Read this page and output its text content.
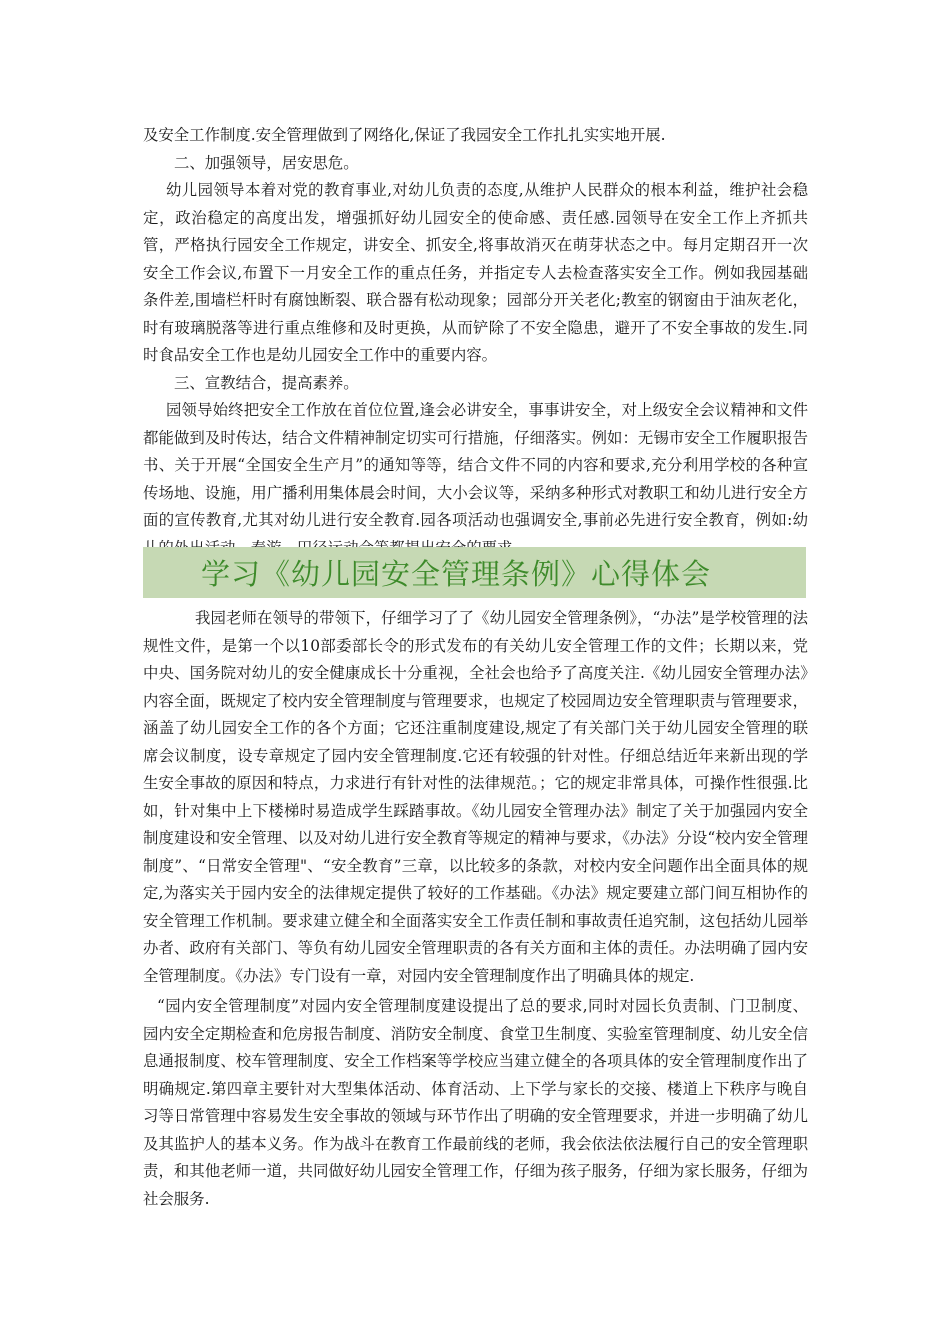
及安全工作制度.安全管理做到了网络化,保证了我园安全工作扎扎实实地开展.

二、加强领导，居安思危。

幼儿园领导本着对党的教育事业,对幼儿负责的态度,从维护人民群众的根本利益，维护社会稳定，政治稳定的高度出发，增强抓好幼儿园安全的使命感、责任感.园领导在安全工作上齐抓共管，严格执行园安全工作规定，讲安全、抓安全,将事故消灭在萌芽状态之中。每月定期召开一次安全工作会议,布置下一月安全工作的重点任务，并指定专人去检查落实安全工作。例如我园基础条件差,围墙栏杆时有腐蚀断裂、联合器有松动现象；园部分开关老化;教室的钢窗由于油灰老化，时有玻璃脱落等进行重点维修和及时更换，从而铲除了不安全隐患，避开了不安全事故的发生.同时食品安全工作也是幼儿园安全工作中的重要内容。

三、宣教结合，提高素养。

园领导始终把安全工作放在首位位置,逢会必讲安全，事事讲安全，对上级安全会议精神和文件都能做到及时传达，结合文件精神制定切实可行措施，仔细落实。例如：无锡市安全工作履职报告书、关于开展“全国安全生产月”的通知等等，结合文件不同的内容和要求,充分利用学校的各种宣传场地、设施，用广播利用集体晨会时间，大小会议等，采纳多种形式对教职工和幼儿进行安全方面的宣传教育,尤其对幼儿进行安全教育.园各项活动也强调安全,事前必先进行安全教育，例如:幼

学习《幼儿园安全管理条例》心得体会

我园老师在领导的带领下，仔细学习了了《幼儿园安全管理条例》，“办法”是学校管理的法规性文件，是第一个以10部委部长令的形式发布的有关幼儿安全管理工作的文件；长期以来，党中央、国务院对幼儿的安全健康成长十分重视，全社会也给予了高度关注.《幼儿园安全管理办法》内容全面，既规定了校内安全管理制度与管理要求，也规定了校园周边安全管理职责与管理要求，涵盖了幼儿园安全工作的各个方面；它还注重制度建设,规定了有关部门关于幼儿园安全管理的联席会议制度，设专章规定了园内安全管理制度.它还有较强的针对性。仔细总结近年来新出现的学生安全事故的原因和特点，力求进行有针对性的法律规范。；它的规定非常具体，可操作性很强.比如，针对集中上下楼梯时易造成学生踩踏事故。《幼儿园安全管理办法》制定了关于加强园内安全制度建设和安全管理、以及对幼儿进行安全教育等规定的精神与要求，《办法》分设“校内安全管理制度”、“日常安全管理"、“安全教育”三章，以比较多的条款，对校内安全问题作出全面具体的规定,为落实关于园内安全的法律规定提供了较好的工作基础。《办法》规定要建立部门间互相协作的安全管理工作机制。要求建立健全和全面落实安全工作责任制和事故责任追究制，这包括幼儿园举办者、政府有关部门、等负有幼儿园安全管理职责的各有关方面和主体的责任。办法明确了园内安全管理制度。《办法》专门设有一章，对园内安全管理制度作出了明确具体的规定.

“园内安全管理制度”对园内安全管理制度建设提出了总的要求,同时对园长负责制、门卫制度、园内安全定期检查和危房报告制度、消防安全制度、食堂卫生制度、实验室管理制度、幼儿安全信息通报制度、校车管理制度、安全工作档案等学校应当建立健全的各项具体的安全管理制度作出了明确规定.第四章主要针对大型集体活动、体育活动、上下学与家长的交接、楼道上下秩序与晚自习等日常管理中容易发生安全事故的领域与环节作出了明确的安全管理要求，并进一步明确了幼儿及其监护人的基本义务。作为战斗在教育工作最前线的老师，我会依法依法履行自己的安全管理职责，和其他老师一道，共同做好幼儿园安全管理工作，仔细为孩子服务，仔细为家长服务，仔细为社会服务.
